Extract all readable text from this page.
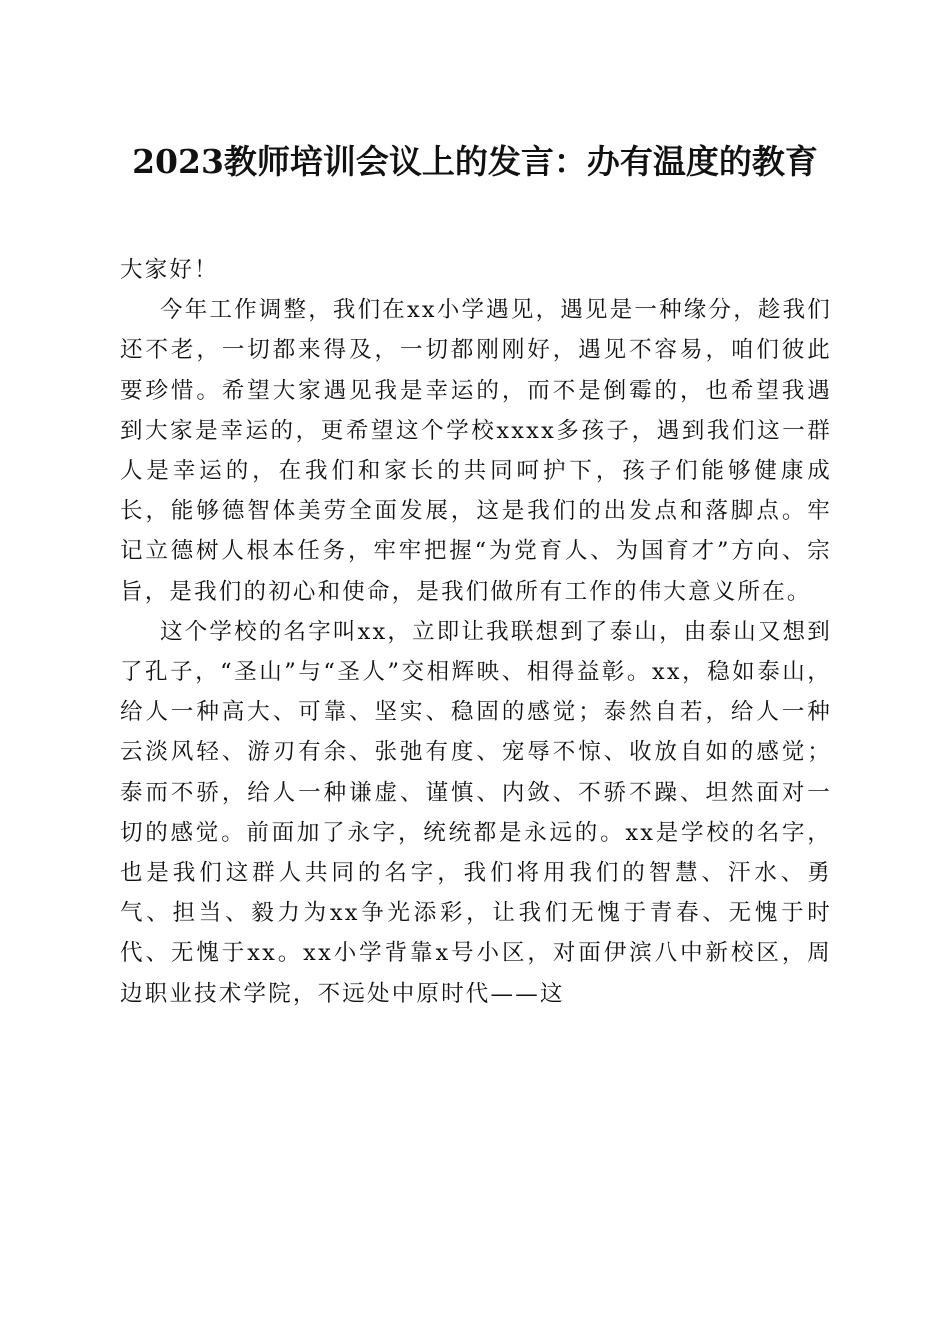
2023教师培训会议上的发言：办有温度的教育

大家好！

今年工作调整，我们在xx小学遇见，遇见是一种缘分，趁我们还不老，一切都来得及，一切都刚刚好，遇见不容易，咱们彼此要珍惜。希望大家遇见我是幸运的，而不是倒霉的，也希望我遇到大家是幸运的，更希望这个学校xxxx多孩子，遇到我们这一群人是幸运的，在我们和家长的共同呵护下，孩子们能够健康成长，能够德智体美劳全面发展，这是我们的出发点和落脚点。牢记立德树人根本任务，牢牢把握“为党育人、为国育才”方向、宗旨，是我们的初心和使命，是我们做所有工作的伟大意义所在。

这个学校的名字叫xx，立即让我联想到了泰山，由泰山又想到了孔子，“圣山”与“圣人”交相辉映、相得益彰。xx，稳如泰山，给人一种高大、可靠、坚实、稳固的感觉；泰然自若，给人一种云淡风轻、游刃有余、张弛有度、宠辱不惊、收放自如的感觉；泰而不骄，给人一种谦虚、谨慎、内敛、不骄不躁、坦然面对一切的感觉。前面加了永字，统统都是永远的。xx是学校的名字，也是我们这群人共同的名字，我们将用我们的智慧、汗水、勇气、担当、毅力为xx争光添彩，让我们无愧于青春、无愧于时代、无愧于xx。xx小学背靠x号小区，对面伊滨八中新校区，周边职业技术学院，不远处中原时代——这
